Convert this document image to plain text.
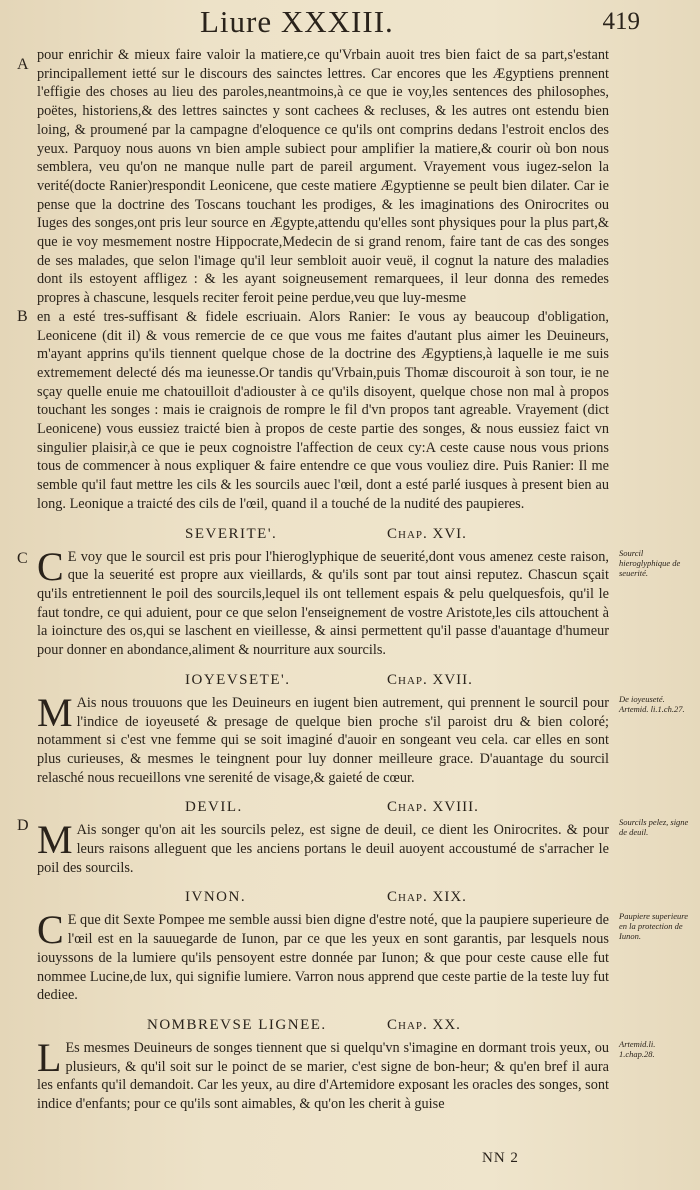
Liure XXXIII.	419
A

pour enrichir & mieux faire valoir la matiere,ce qu'Vrbain auoit tres bien faict de sa part,s'estant principallement ietté sur le discours des sainctes lettres. Car encores que les Ægyptiens prennent l'effigie des choses au lieu des paroles,neantmoins,à ce que ie voy,les sentences des philosophes, poëtes, historiens,& des lettres sainctes y sont cachees & recluses, & les autres ont estendu bien loing, & proumené par la campagne d'eloquence ce qu'ils ont comprins dedans l'estroit enclos des yeux. Parquoy nous auons vn bien ample subiect pour amplifier la matiere,& courir où bon nous semblera, veu qu'on ne manque nulle part de pareil argument. Vrayement vous iugez-selon la verité(docte Ranier)respondit Leonicene, que ceste matiere Ægyptienne se peult bien dilater. Car ie pense que la doctrine des Toscans touchant les prodiges, & les imaginations des Onirocrites ou Iuges des songes,ont pris leur source en Ægypte,attendu qu'elles sont physiques pour la plus part,& que ie voy mesmement nostre Hippocrate,Medecin de si grand renom, faire tant de cas des songes de ses malades, que selon l'image qu'il leur sembloit auoir veuë, il cognut la nature des maladies dont ils estoyent affligez : & les ayant soigneusement remarquees, il leur donna des remedes propres à chascune, lesquels reciter feroit peine perdue,veu que luy-mesme

B en a esté tres-suffisant & fidele escriuain. Alors Ranier: Ie vous ay beaucoup d'obligation, Leonicene (dit il) & vous remercie de ce que vous me faites d'autant plus aimer les Deuineurs, m'ayant apprins qu'ils tiennent quelque chose de la doctrine des Ægyptiens,à laquelle ie me suis extremement delecté dés ma ieunesse.Or tandis qu'Vrbain,puis Thomæ discouroit à son tour, ie ne sçay quelle enuie me chatouilloit d'adiouster à ce qu'ils disoyent, quelque chose non mal à propos touchant les songes : mais ie craignois de rompre le fil d'vn propos tant agreable. Vrayement (dict Leonicene) vous eussiez traicté bien à propos de ceste partie des songes, & nous eussiez faict vn singulier plaisir,à ce que ie peux cognoistre l'affection de ceux cy:A ceste cause nous vous prions tous de commencer à nous expliquer & faire entendre ce que vous vouliez dire. Puis Ranier: Il me semble qu'il faut mettre les cils & les sourcils auec l'œil, dont a esté parlé iusques à present bien au long. Leonique a traicté des cils de l'œil, quand il a touché de la nudité des paupieres.

SEVERITE'.	Chap. XVI.
C C E voy que le sourcil est pris pour l'hieroglyphique de seuerité,dont vous amenez ceste raison, que la seuerité est propre aux vieillards, & qu'ils sont par tout ainsi reputez. Chascun sçait qu'ils entretiennent le poil des sourcils,lequel ils ont tellement espais & pelu quelquesfois, qu'il le faut tondre, ce qui aduient, pour ce que selon l'enseignement de vostre Aristote,les cils attouchent à la ioincture des os,qui se laschent en vieillesse, & ainsi permettent qu'il passe d'auantage d'humeur pour donner en abondance,aliment & nourriture aux sourcils.

Sourcil hieroglyphique de seuerité.
IOYEVSETE'.	Chap. XVII.
M Ais nous trouuons que les Deuineurs en iugent bien autrement, qui prennent le sourcil pour l'indice de ioyeuseté & presage de quelque bien proche s'il paroist dru & bien coloré; notamment si c'est vne femme qui se soit imaginé d'auoir en songeant veu cela. car elles en sont plus curieuses, & mesmes le teingnent pour luy donner meilleure grace. D'auantage du sourcil relasché nous recueillons vne serenité de visage,& gaieté de cœur.

De ioyeuseté. Artemid. li.1.ch.27.
DEVIL.	Chap. XVIII.
D M Ais songer qu'on ait les sourcils pelez, est signe de deuil, ce dient les Onirocrites. & pour leurs raisons alleguent que les anciens portans le deuil auoyent accoustumé de s'arracher le poil des sourcils.

Sourcils pelez, signe de deuil.
IVNON.	Chap. XIX.
C E que dit Sexte Pompee me semble aussi bien digne d'estre noté, que la paupiere superieure de l'œil est en la sauuegarde de Iunon, par ce que les yeux en sont garantis, par lesquels nous iouyssons de la lumiere qu'ils pensoyent estre donnée par Iunon; & que pour ceste cause elle fut nommee Lucine,de lux, qui signifie lumiere. Varron nous apprend que ceste partie de la teste luy fut dediee.

Paupiere superieure en la protection de Iunon.
NOMBREVSE LIGNEE.	Chap. XX.
L Es mesmes Deuineurs de songes tiennent que si quelqu'vn s'imagine en dormant trois yeux, ou plusieurs, & qu'il soit sur le poinct de se marier, c'est signe de bon-heur; & qu'en bref il aura les enfants qu'il demandoit. Car les yeux, au dire d'Artemidore exposant les oracles des songes, sont indice d'enfants; pour ce qu'ils sont aimables, & qu'on les cherit à guise

Artemid.li. 1.chap.28.
NN 2
